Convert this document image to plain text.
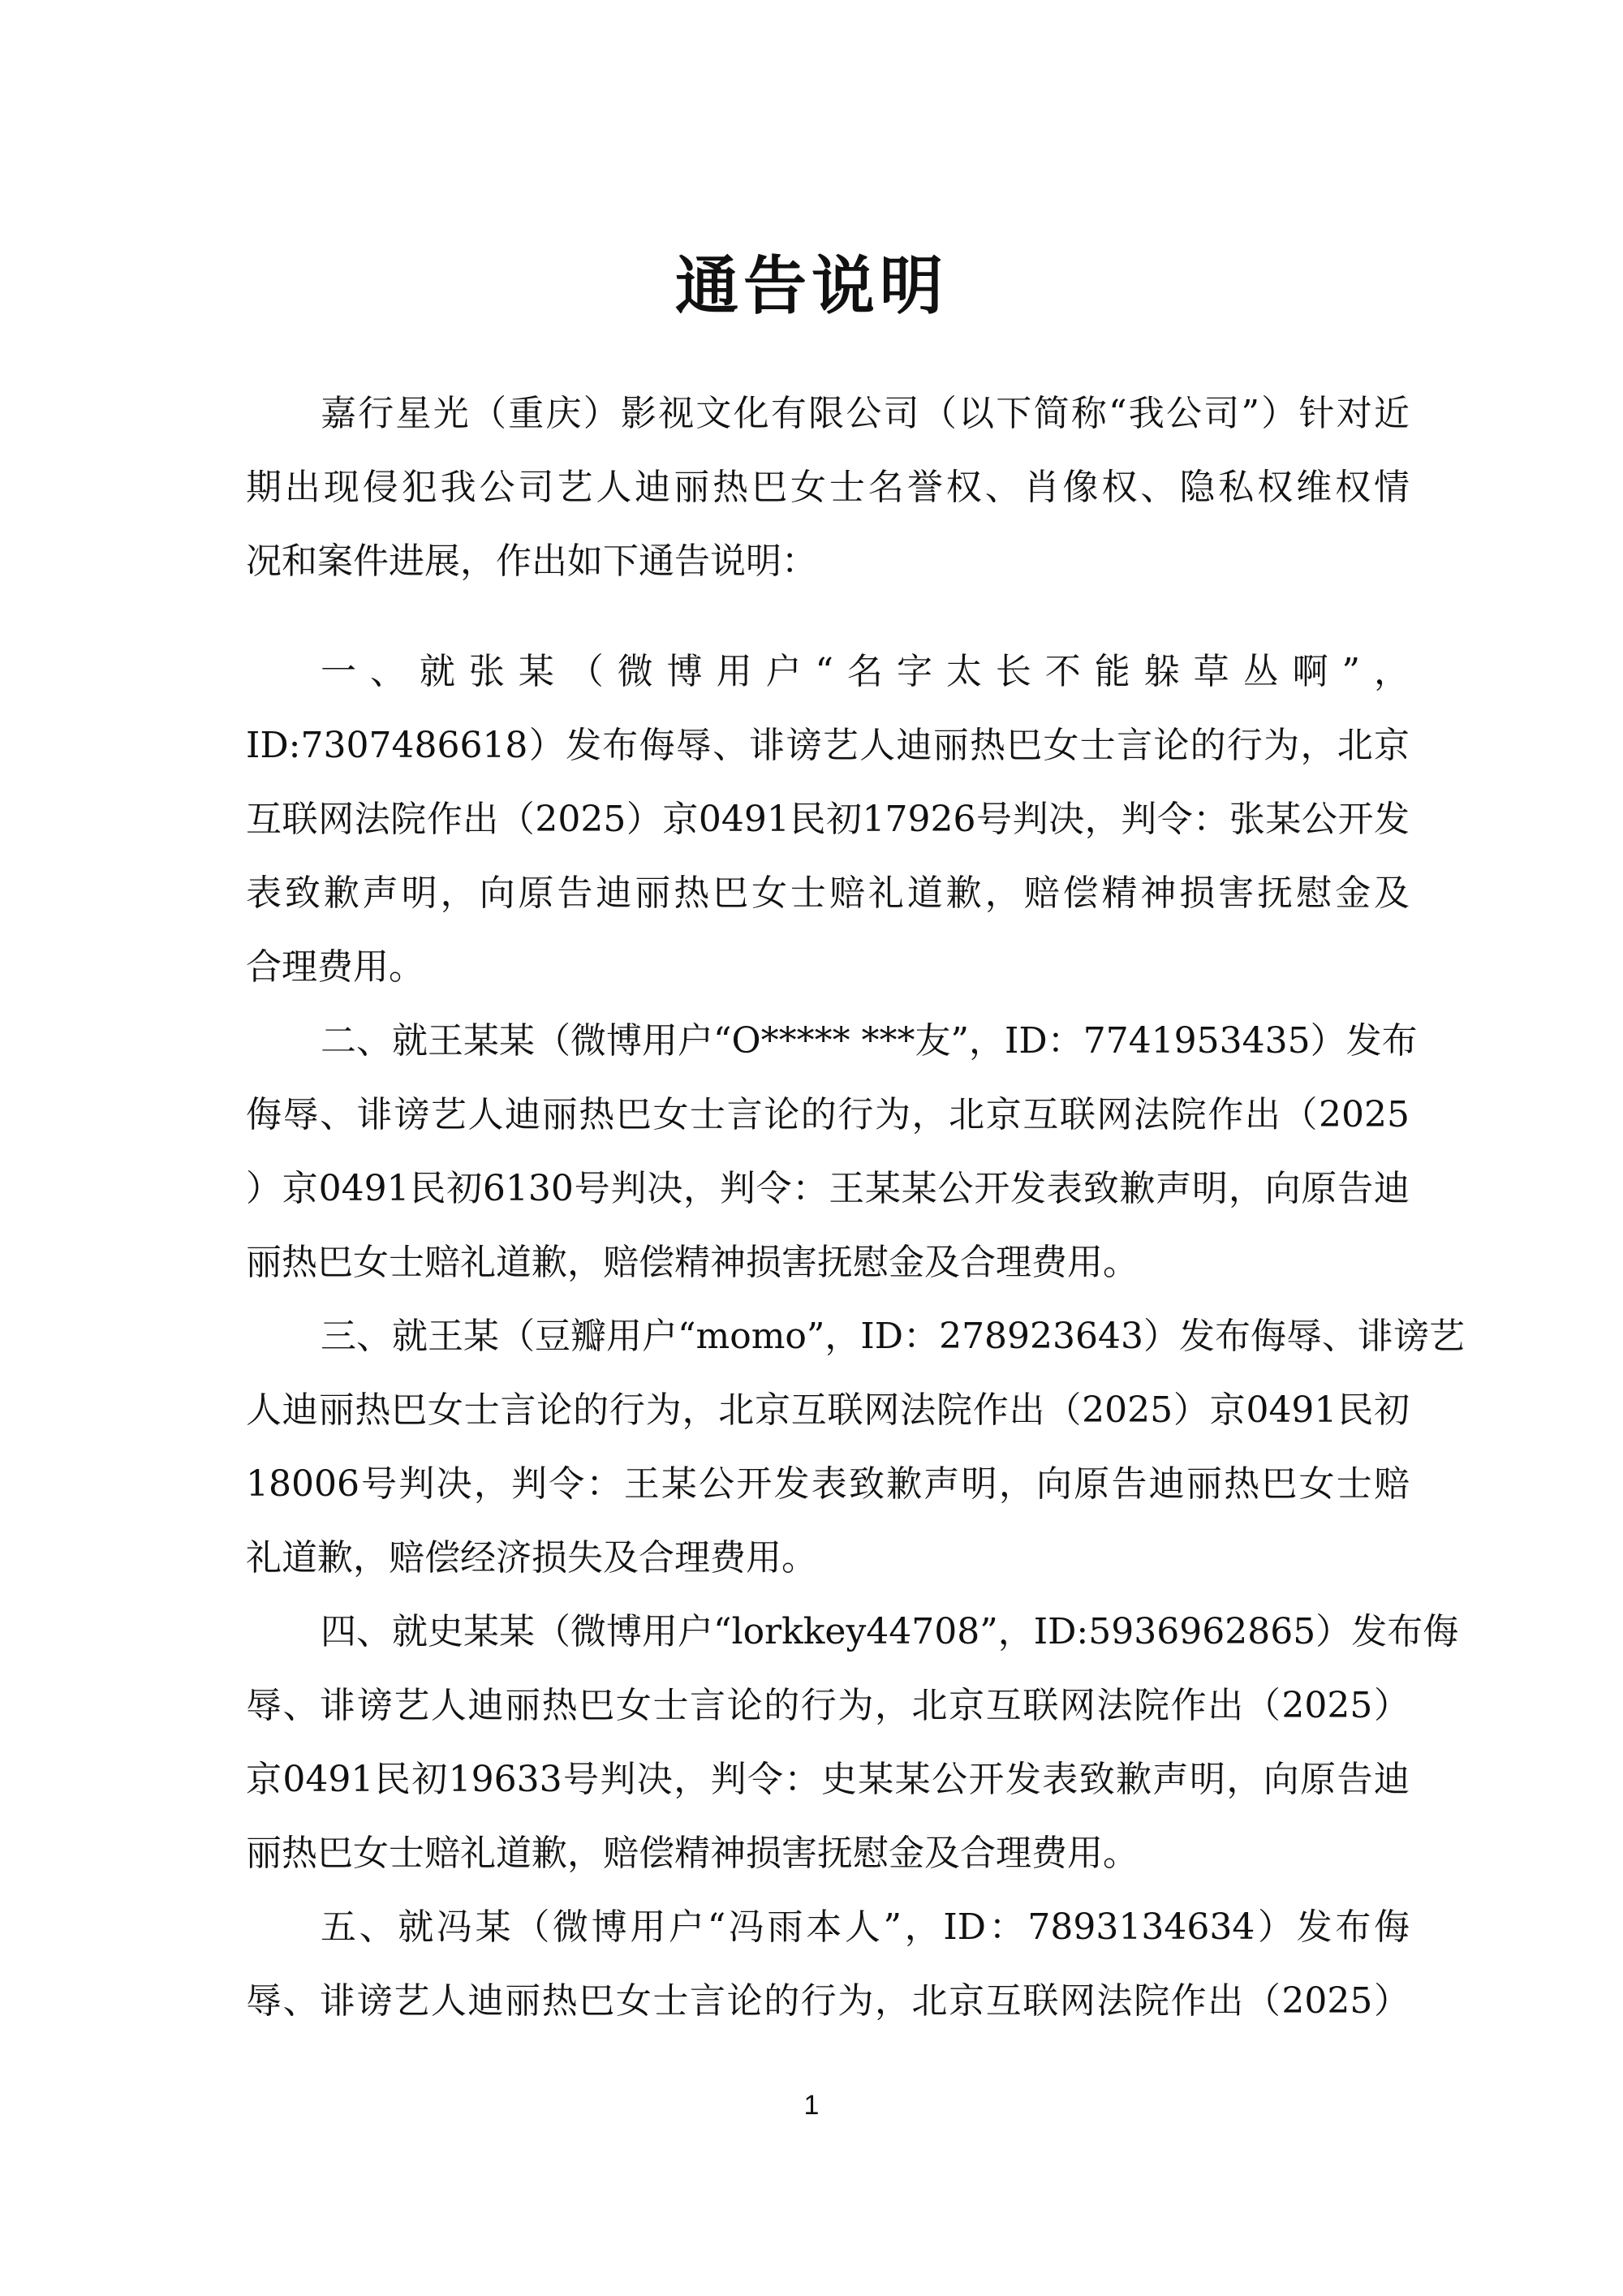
通告说明
嘉行星光（重庆）影视文化有限公司（以下简称“我公司”）针对近
期出现侵犯我公司艺人迪丽热巴女士名誉权、肖像权、隐私权维权情
况和案件进展，作出如下通告说明：
一、就张某（微博用户“名字太长不能躲草丛啊”，
ID:7307486618）发布侮辱、诽谤艺人迪丽热巴女士言论的行为，北京
互联网法院作出（2025）京0491民初17926号判决，判令：张某公开发
表致歉声明，向原告迪丽热巴女士赔礼道歉，赔偿精神损害抚慰金及
合理费用。
二、就王某某（微博用户“O***** ***友”，ID：7741953435）发布
侮辱、诽谤艺人迪丽热巴女士言论的行为，北京互联网法院作出（2025
）京0491民初6130号判决，判令：王某某公开发表致歉声明，向原告迪
丽热巴女士赔礼道歉，赔偿精神损害抚慰金及合理费用。
三、就王某（豆瓣用户“momo”，ID：278923643）发布侮辱、诽谤艺
人迪丽热巴女士言论的行为，北京互联网法院作出（2025）京0491民初
18006号判决，判令：王某公开发表致歉声明，向原告迪丽热巴女士赔
礼道歉，赔偿经济损失及合理费用。
四、就史某某（微博用户“lorkkey44708”，ID:5936962865）发布侮
辱、诽谤艺人迪丽热巴女士言论的行为，北京互联网法院作出（2025）
京0491民初19633号判决，判令：史某某公开发表致歉声明，向原告迪
丽热巴女士赔礼道歉，赔偿精神损害抚慰金及合理费用。
五、就冯某（微博用户“冯雨本人”，ID：7893134634）发布侮
辱、诽谤艺人迪丽热巴女士言论的行为，北京互联网法院作出（2025）
1
